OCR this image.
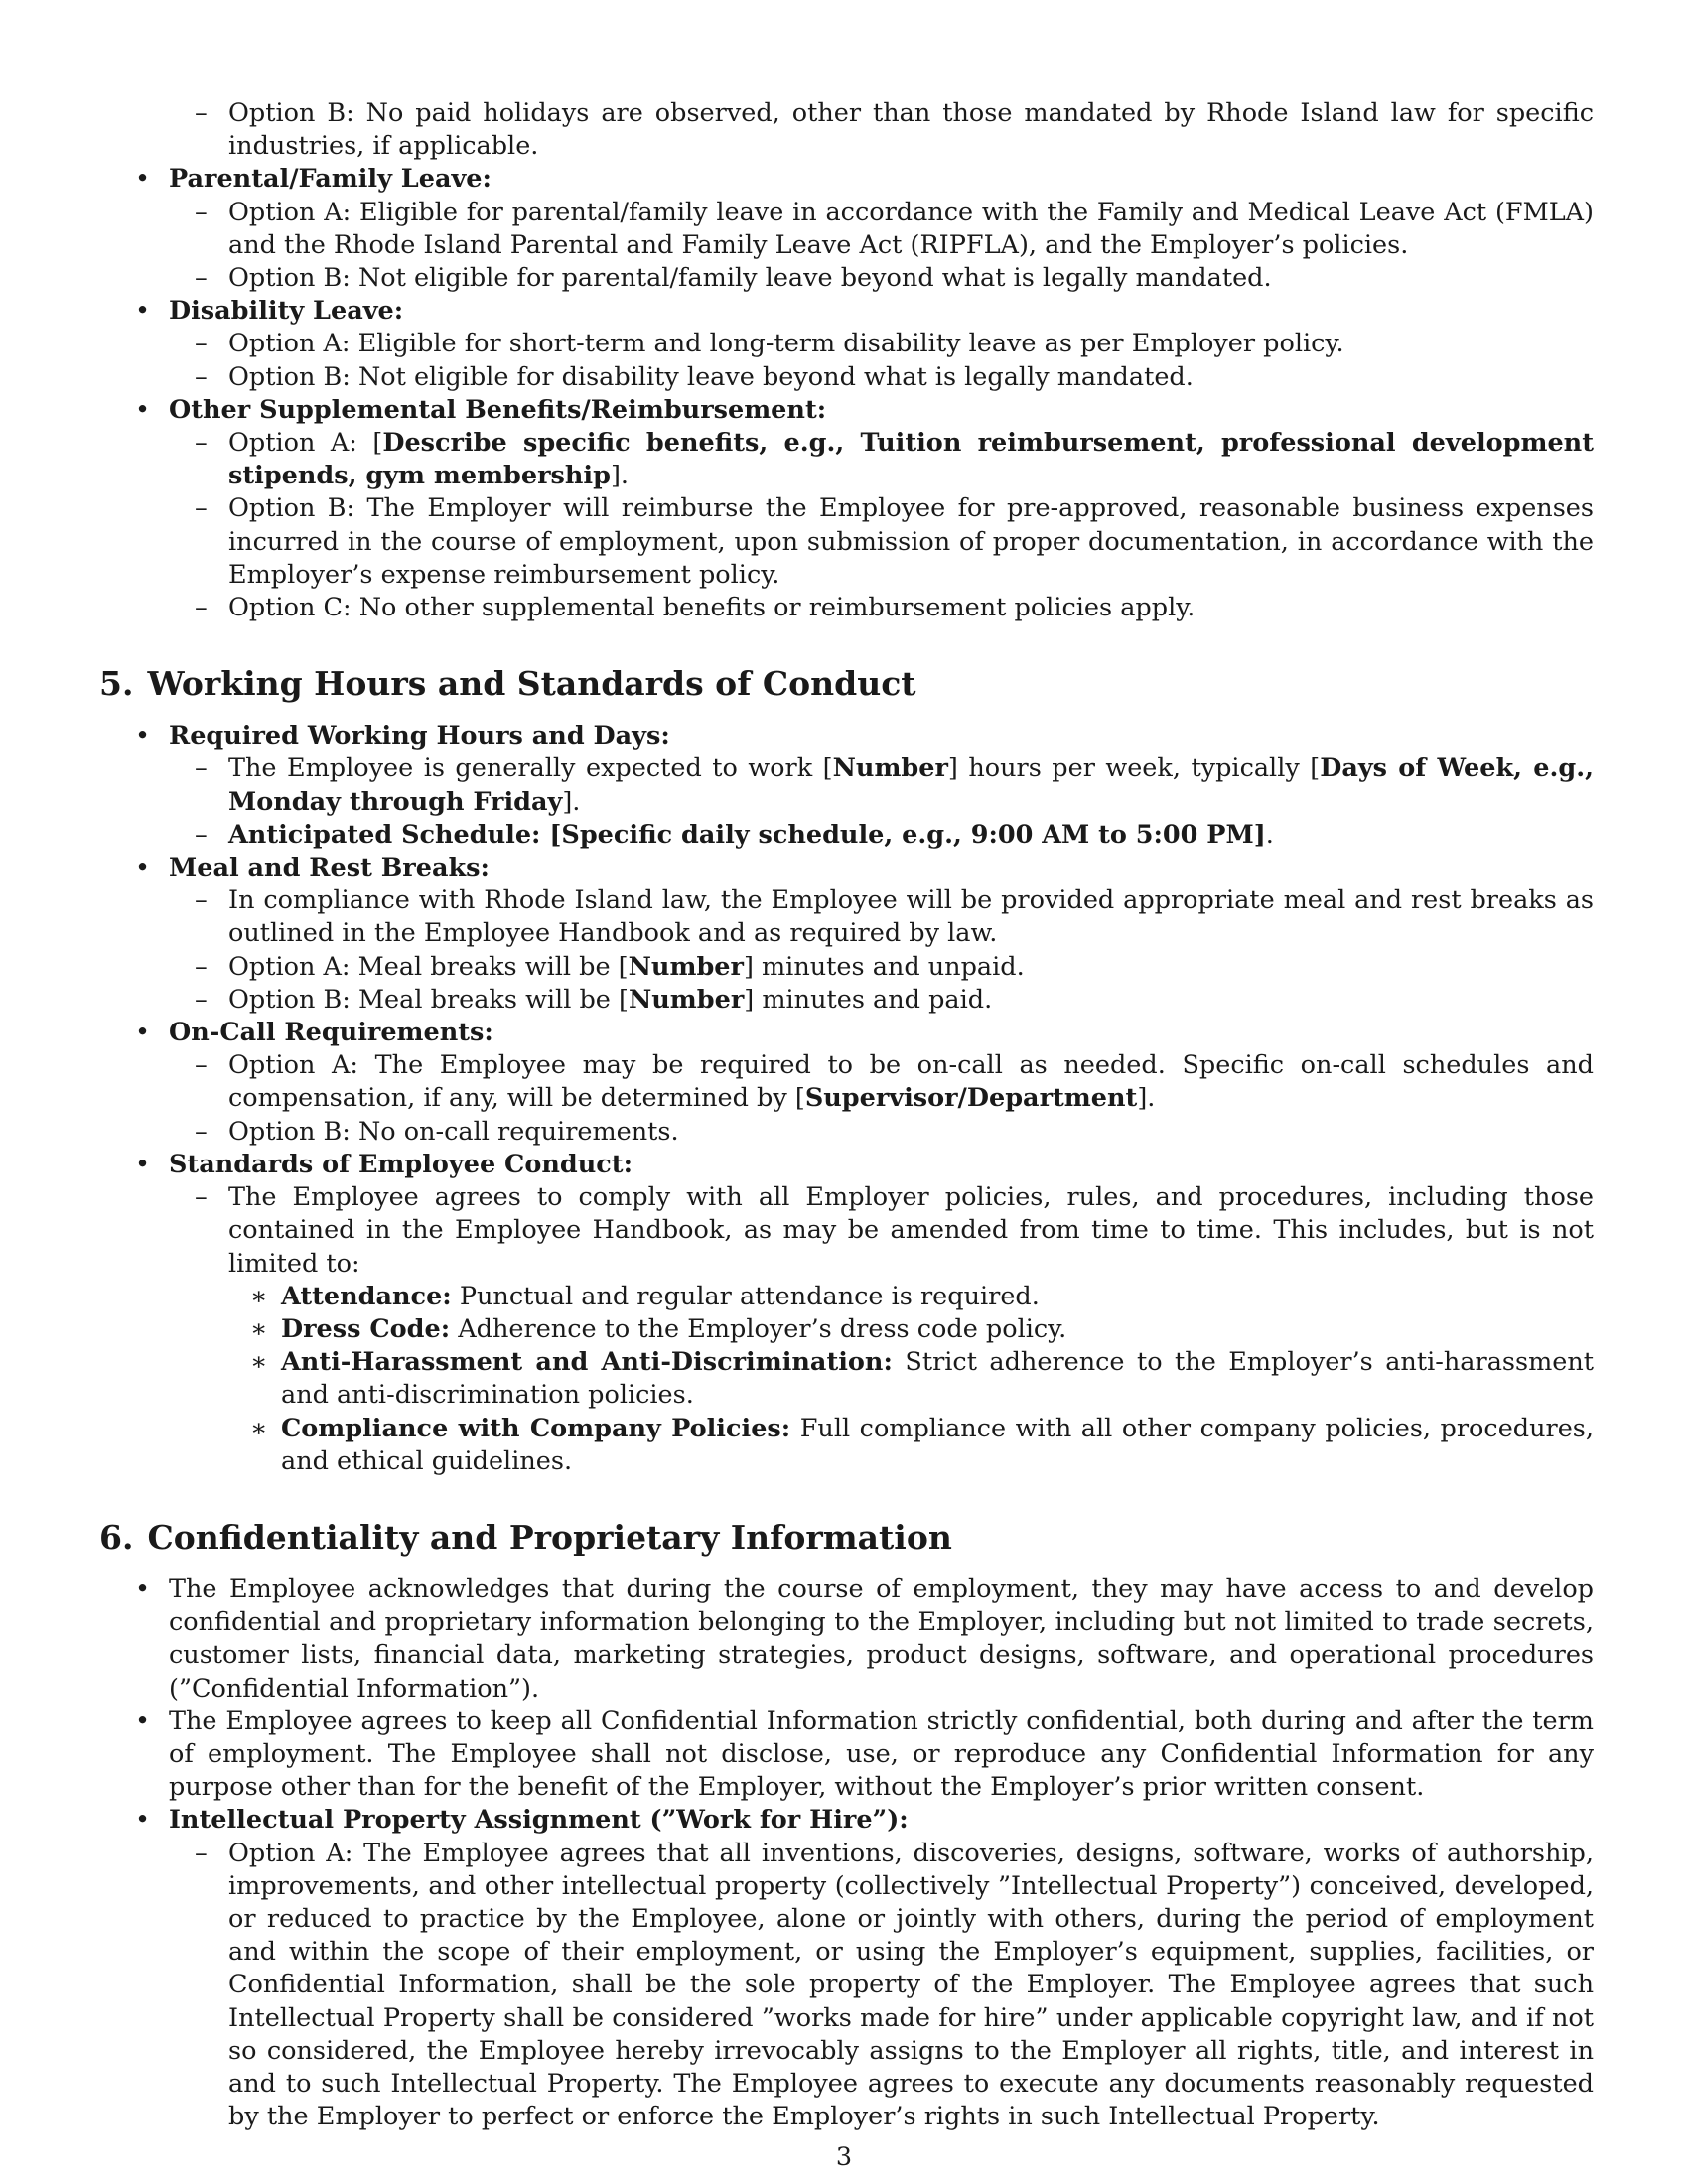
– Option B: No paid holidays are observed, other than those mandated by Rhode Island law for specific industries, if applicable.
• Parental/Family Leave:
– Option A: Eligible for parental/family leave in accordance with the Family and Medical Leave Act (FMLA) and the Rhode Island Parental and Family Leave Act (RIPFLA), and the Employer’s policies.
– Option B: Not eligible for parental/family leave beyond what is legally mandated.
• Disability Leave:
– Option A: Eligible for short-term and long-term disability leave as per Employer policy.
– Option B: Not eligible for disability leave beyond what is legally mandated.
• Other Supplemental Benefits/Reimbursement:
– Option A: [Describe specific benefits, e.g., Tuition reimbursement, professional development stipends, gym membership].
– Option B: The Employer will reimburse the Employee for pre-approved, reasonable business expenses incurred in the course of employment, upon submission of proper documentation, in accordance with the Employer’s expense reimbursement policy.
– Option C: No other supplemental benefits or reimbursement policies apply.
5. Working Hours and Standards of Conduct
• Required Working Hours and Days:
– The Employee is generally expected to work [Number] hours per week, typically [Days of Week, e.g., Monday through Friday].
– Anticipated Schedule: [Specific daily schedule, e.g., 9:00 AM to 5:00 PM].
• Meal and Rest Breaks:
– In compliance with Rhode Island law, the Employee will be provided appropriate meal and rest breaks as outlined in the Employee Handbook and as required by law.
– Option A: Meal breaks will be [Number] minutes and unpaid.
– Option B: Meal breaks will be [Number] minutes and paid.
• On-Call Requirements:
– Option A: The Employee may be required to be on-call as needed. Specific on-call schedules and compensation, if any, will be determined by [Supervisor/Department].
– Option B: No on-call requirements.
• Standards of Employee Conduct:
– The Employee agrees to comply with all Employer policies, rules, and procedures, including those contained in the Employee Handbook, as may be amended from time to time. This includes, but is not limited to:
∗ Attendance: Punctual and regular attendance is required.
∗ Dress Code: Adherence to the Employer’s dress code policy.
∗ Anti-Harassment and Anti-Discrimination: Strict adherence to the Employer’s anti-harassment and anti-discrimination policies.
∗ Compliance with Company Policies: Full compliance with all other company policies, procedures, and ethical guidelines.
6. Confidentiality and Proprietary Information
• The Employee acknowledges that during the course of employment, they may have access to and develop confidential and proprietary information belonging to the Employer, including but not limited to trade secrets, customer lists, financial data, marketing strategies, product designs, software, and operational procedures (”Confidential Information”).
• The Employee agrees to keep all Confidential Information strictly confidential, both during and after the term of employment. The Employee shall not disclose, use, or reproduce any Confidential Information for any purpose other than for the benefit of the Employer, without the Employer’s prior written consent.
• Intellectual Property Assignment (”Work for Hire”):
– Option A: The Employee agrees that all inventions, discoveries, designs, software, works of authorship, improvements, and other intellectual property (collectively ”Intellectual Property”) conceived, developed, or reduced to practice by the Employee, alone or jointly with others, during the period of employment and within the scope of their employment, or using the Employer’s equipment, supplies, facilities, or Confidential Information, shall be the sole property of the Employer. The Employee agrees that such Intellectual Property shall be considered ”works made for hire” under applicable copyright law, and if not so considered, the Employee hereby irrevocably assigns to the Employer all rights, title, and interest in and to such Intellectual Property. The Employee agrees to execute any documents reasonably requested by the Employer to perfect or enforce the Employer’s rights in such Intellectual Property.
3
